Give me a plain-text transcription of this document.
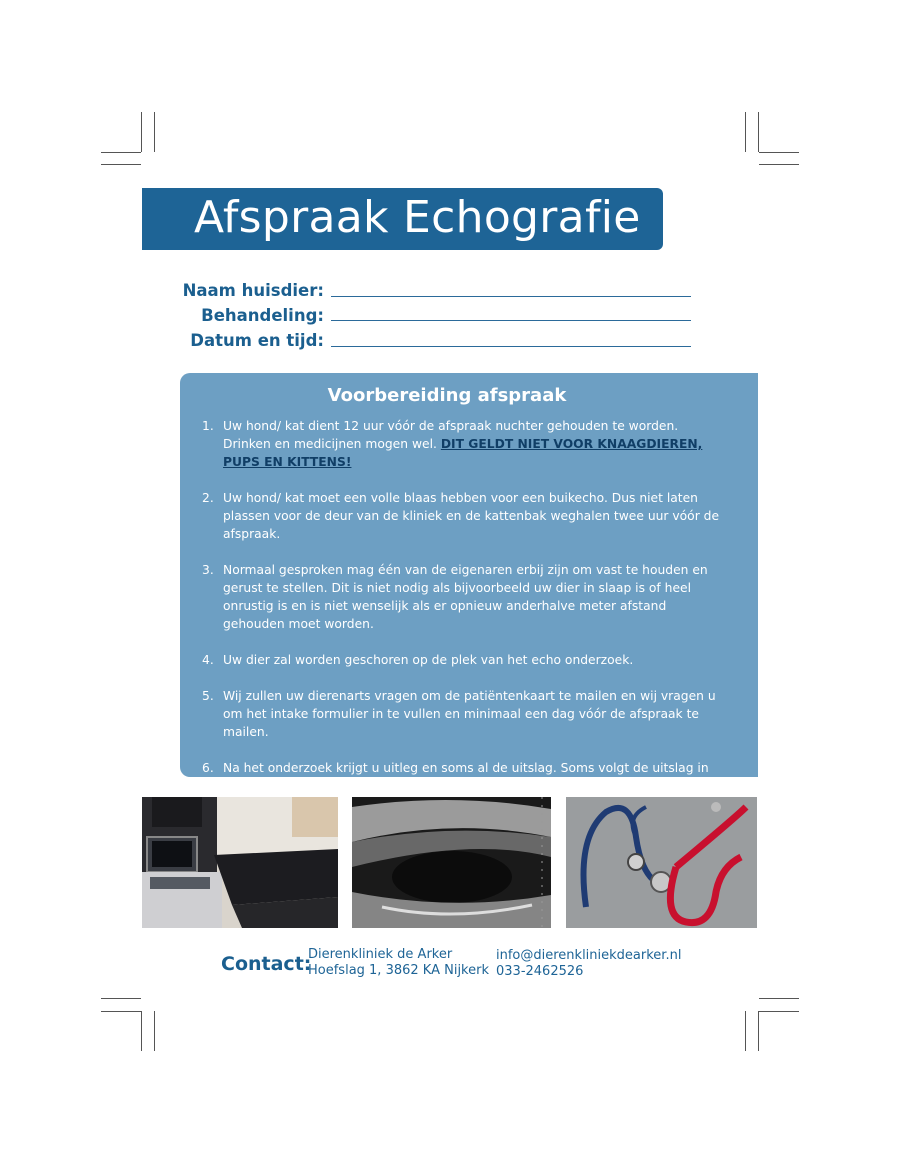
Afspraak Echografie
Naam huisdier:
Behandeling:
Datum en tijd:
Voorbereiding afspraak
1. Uw hond/ kat dient 12 uur vóór de afspraak nuchter gehouden te worden. Drinken en medicijnen mogen wel. DIT GELDT NIET VOOR KNAAGDIEREN, PUPS EN KITTENS!
2. Uw hond/ kat moet een volle blaas hebben voor een buikecho. Dus niet laten plassen voor de deur van de kliniek en de kattenbak weghalen twee uur vóór de afspraak.
3. Normaal gesproken mag één van de eigenaren erbij zijn om vast te houden en gerust te stellen. Dit is niet nodig als bijvoorbeeld uw dier in slaap is of heel onrustig is en is niet wenselijk als er opnieuw anderhalve meter afstand gehouden moet worden.
4. Uw dier zal worden geschoren op de plek van het echo onderzoek.
5. Wij zullen uw dierenarts vragen om de patiëntenkaart te mailen en wij vragen u om het intake formulier in te vullen en minimaal een dag vóór de afspraak te mailen.
6. Na het onderzoek krijgt u uitleg en soms al de uitslag. Soms volgt de uitslag in de dagen daarna. Uw dierenarts zal altijd het rapport ontvangen, tenzij u dat
Contact:
Dierenkliniek de Arker
Hoefslag 1, 3862 KA Nijkerk
info@dierenkliniekdearker.nl
033-2462526
